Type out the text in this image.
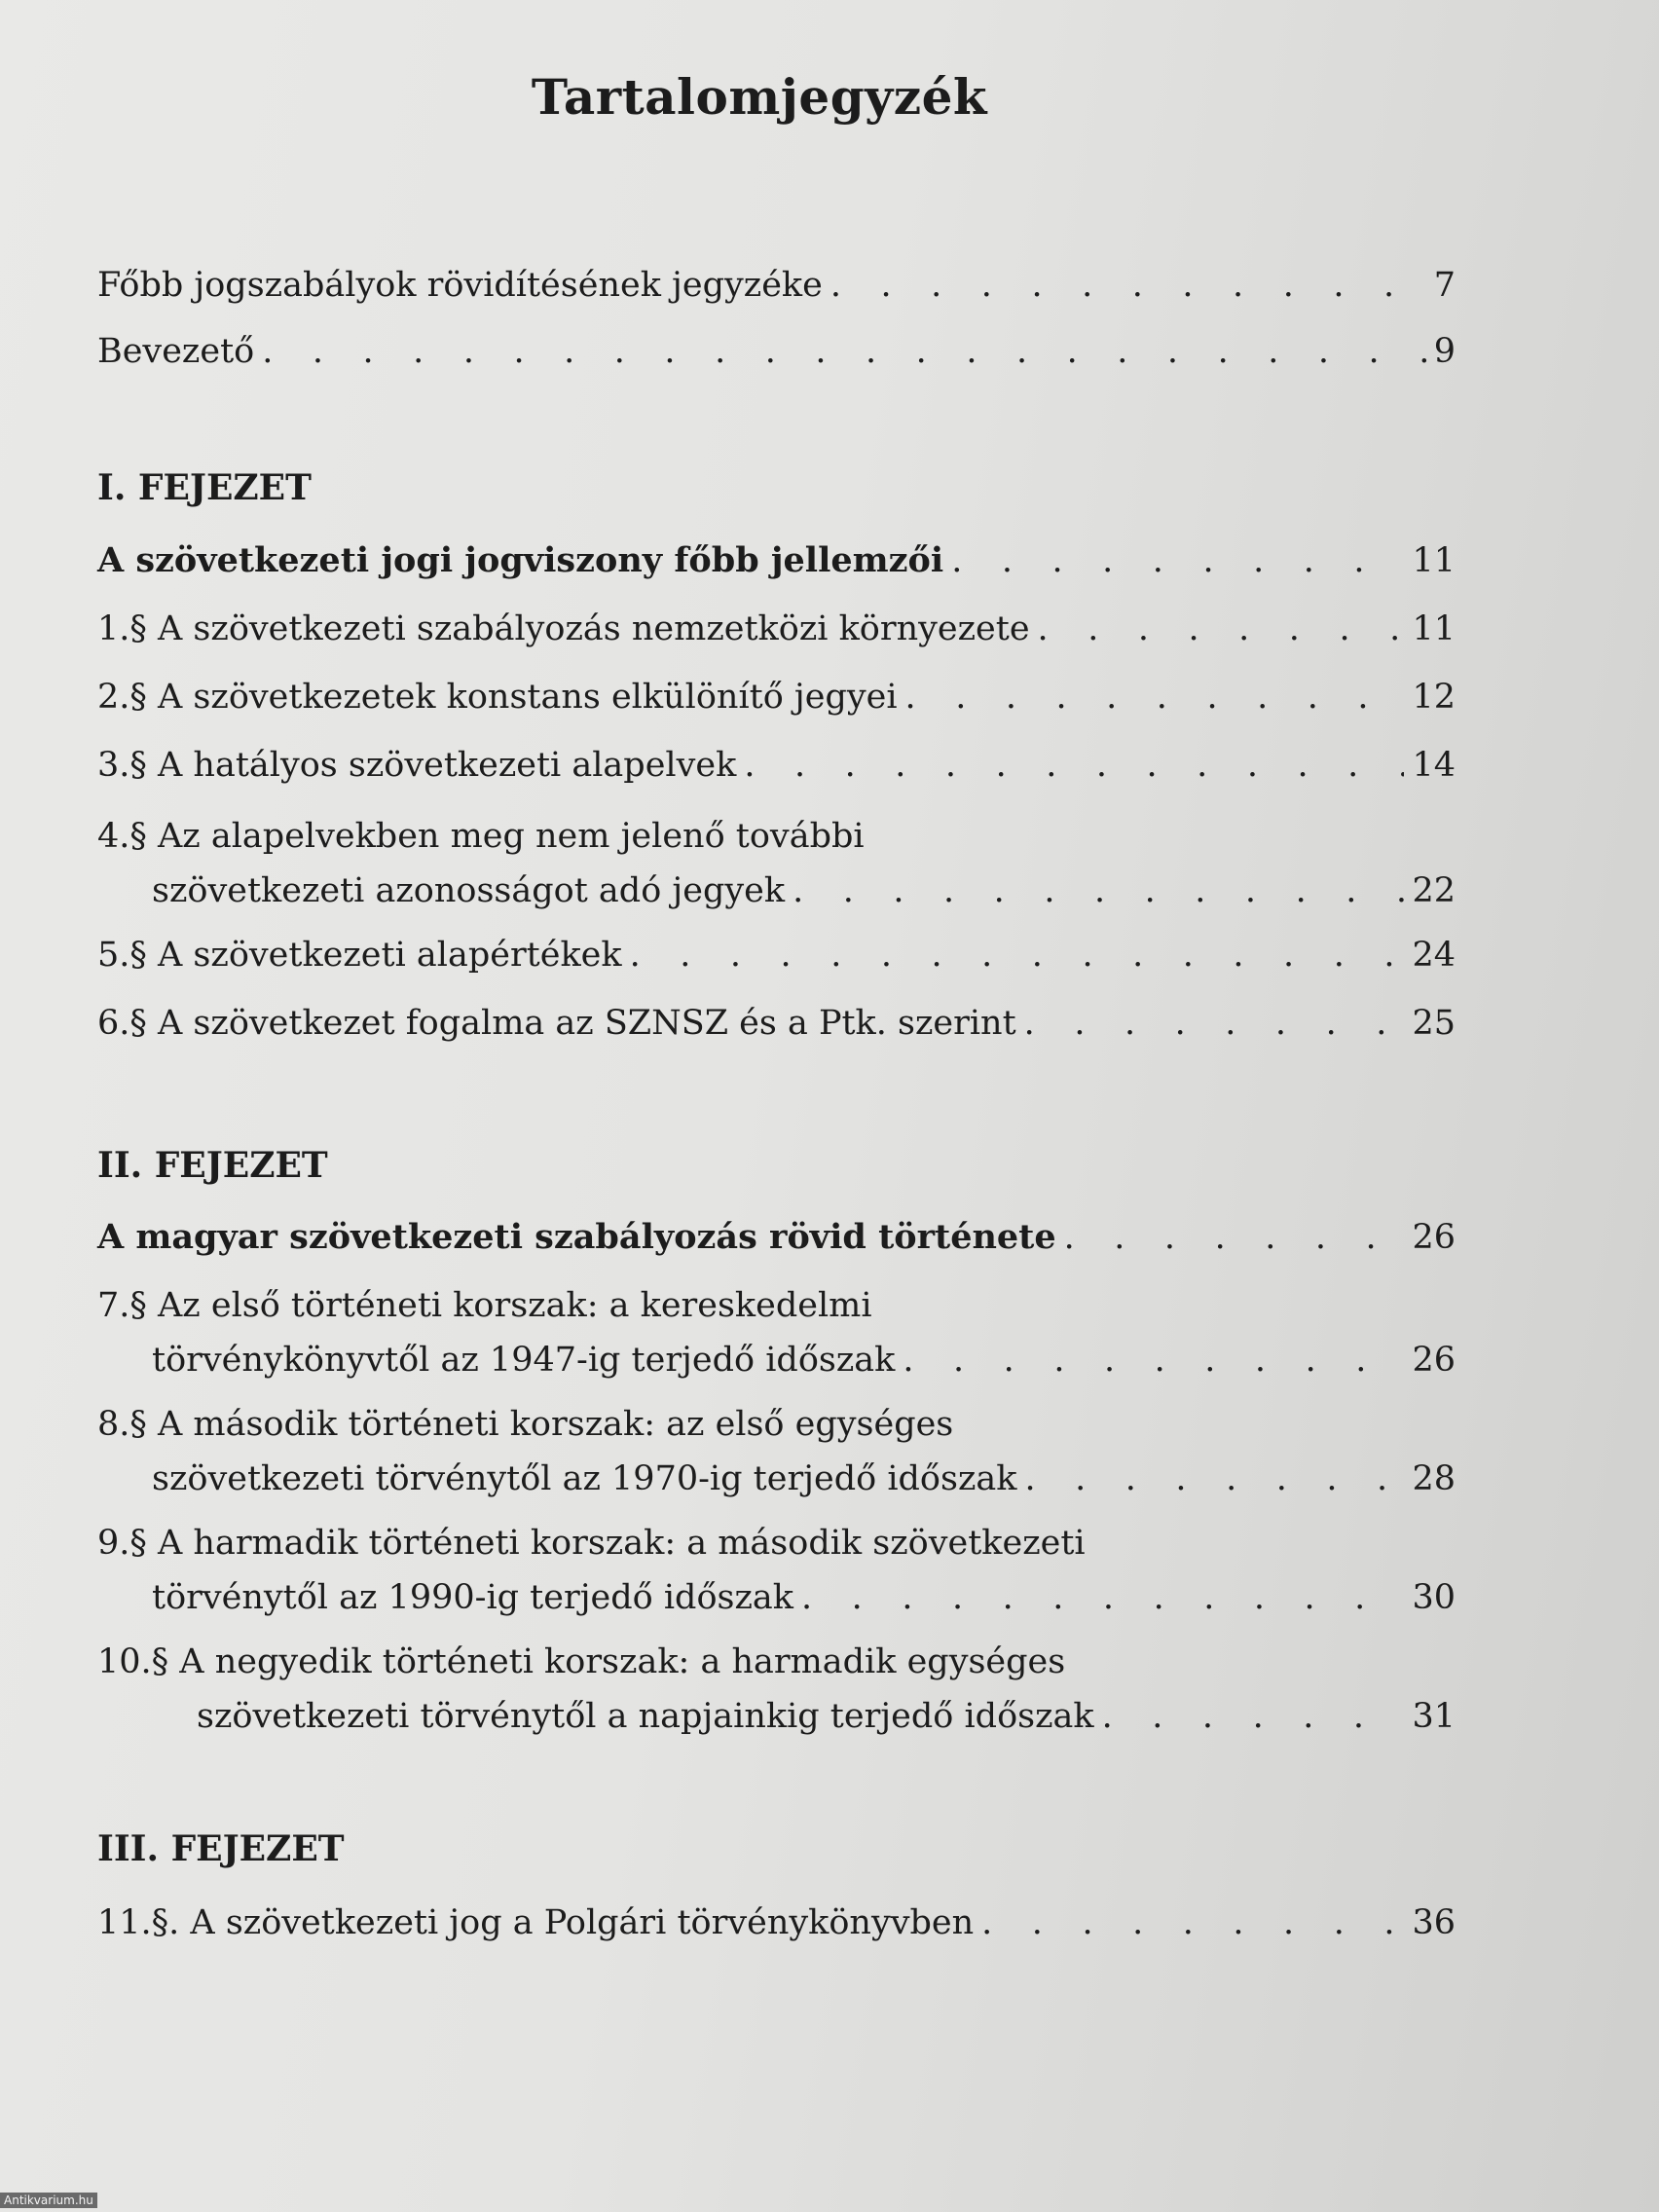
Tartalomjegyzék
Főbb jogszabályok rövidítésének jegyzéke . . .	7
Bevezető . . .	9
I. FEJEZET
A szövetkezeti jogi jogviszony főbb jellemzői . . .	11
1.§ A szövetkezeti szabályozás nemzetközi környezete . . .	11
2.§ A szövetkezetek konstans elkülönítő jegyei . . .	12
3.§ A hatályos szövetkezeti alapelvek . . .	14
4.§ Az alapelvekben meg nem jelenő további
szövetkezeti azonosságot adó jegyek . . .	22
5.§ A szövetkezeti alapértékek . . .	24
6.§ A szövetkezet fogalma az SZNSZ és a Ptk. szerint . . .	25
II. FEJEZET
A magyar szövetkezeti szabályozás rövid története . . .	26
7.§ Az első történeti korszak: a kereskedelmi
törvénykönyvtől az 1947-ig terjedő időszak . . .	26
8.§ A második történeti korszak: az első egységes
szövetkezeti törvénytől az 1970-ig terjedő időszak . . .	28
9.§ A harmadik történeti korszak: a második szövetkezeti
törvénytől az 1990-ig terjedő időszak . . .	30
10.§ A negyedik történeti korszak: a harmadik egységes
szövetkezeti törvénytől a napjainkig terjedő időszak . . .	31
III. FEJEZET
11.§. A szövetkezeti jog a Polgári törvénykönyvben . . .	36
Antikvarium.hu
